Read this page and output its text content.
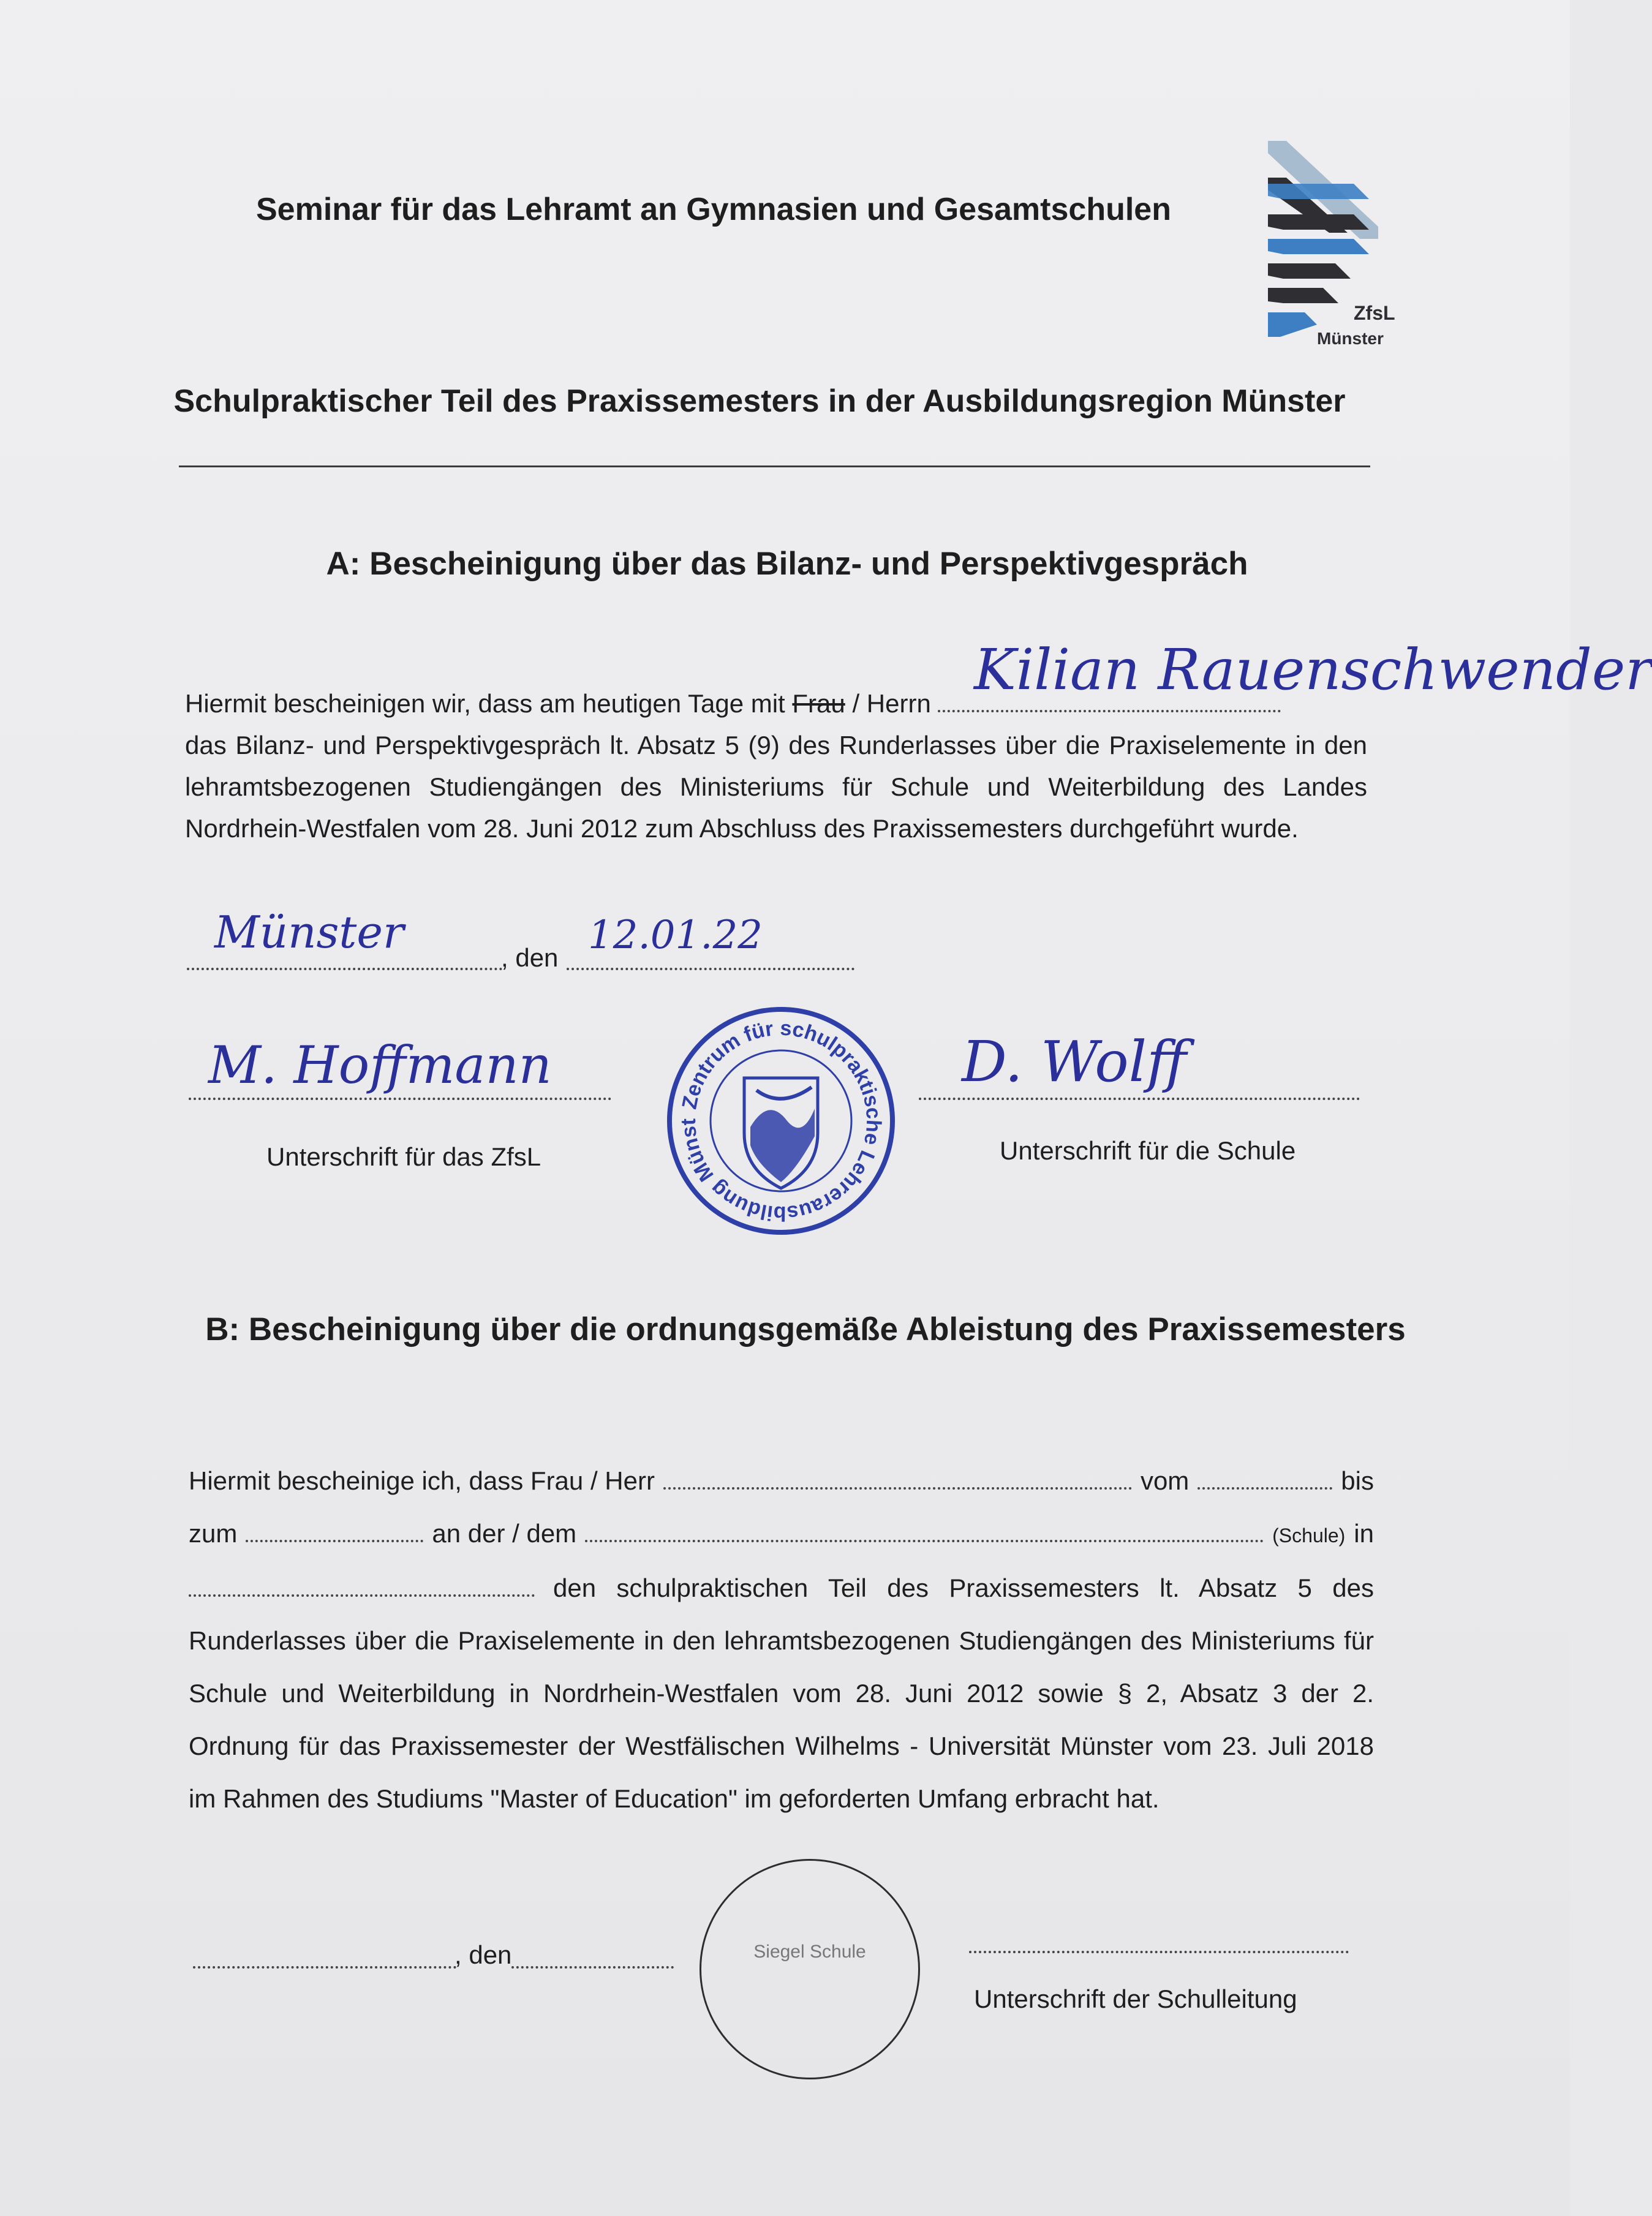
Seminar für das Lehramt an Gymnasien und Gesamtschulen
ZfsL
Münster
Schulpraktischer Teil des Praxissemesters in der Ausbildungsregion Münster
A: Bescheinigung über das Bilanz- und Perspektivgespräch
Hiermit bescheinigen wir, dass am heutigen Tage mit Frau / Herrn
das Bilanz- und Perspektivgespräch lt. Absatz 5 (9) des Runderlasses über die Praxiselemente in den
lehramtsbezogenen Studiengängen des Ministeriums für Schule und Weiterbildung des Landes
Nordrhein-Westfalen vom 28. Juni 2012 zum Abschluss des Praxissemesters durchgeführt wurde.
Kilian Rauenschwender
Münster	, den 12.01.22
M. Hoffmann
Unterschrift für das ZfsL
Zentrum für schulpraktische Lehrerausbildung Münst
D. Wolff
Unterschrift für die Schule
B: Bescheinigung über die ordnungsgemäße Ableistung des Praxissemesters
Hiermit bescheinige ich, dass Frau / Herr	vom	bis
zum	an der / dem	(Schule) in
den schulpraktischen Teil des Praxissemesters lt. Absatz 5 des
Runderlasses über die Praxiselemente in den lehramtsbezogenen Studiengängen des Ministeriums für
Schule und Weiterbildung in Nordrhein-Westfalen vom 28. Juni 2012 sowie § 2, Absatz 3 der 2.
Ordnung für das Praxissemester der Westfälischen Wilhelms - Universität Münster vom 23. Juli 2018
im Rahmen des Studiums "Master of Education" im geforderten Umfang erbracht hat.
, den	Siegel Schule
Unterschrift der Schulleitung
